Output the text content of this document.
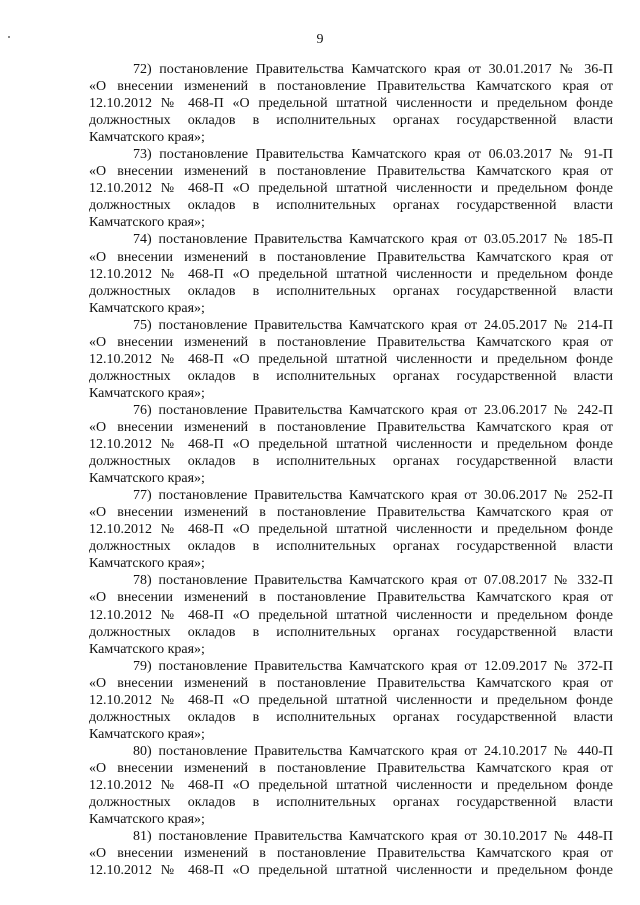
9
72) постановление Правительства Камчатского края от 30.01.2017 № 36-П
«О внесении изменений в постановление Правительства Камчатского края от
12.10.2012 № 468-П «О предельной штатной численности и предельном фонде
должностных окладов в исполнительных органах государственной власти
Камчатского края»;
73) постановление Правительства Камчатского края от 06.03.2017 № 91-П
«О внесении изменений в постановление Правительства Камчатского края от
12.10.2012 № 468-П «О предельной штатной численности и предельном фонде
должностных окладов в исполнительных органах государственной власти
Камчатского края»;
74) постановление Правительства Камчатского края от 03.05.2017 № 185-П
«О внесении изменений в постановление Правительства Камчатского края от
12.10.2012 № 468-П «О предельной штатной численности и предельном фонде
должностных окладов в исполнительных органах государственной власти
Камчатского края»;
75) постановление Правительства Камчатского края от 24.05.2017 № 214-П
«О внесении изменений в постановление Правительства Камчатского края от
12.10.2012 № 468-П «О предельной штатной численности и предельном фонде
должностных окладов в исполнительных органах государственной власти
Камчатского края»;
76) постановление Правительства Камчатского края от 23.06.2017 № 242-П
«О внесении изменений в постановление Правительства Камчатского края от
12.10.2012 № 468-П «О предельной штатной численности и предельном фонде
должностных окладов в исполнительных органах государственной власти
Камчатского края»;
77) постановление Правительства Камчатского края от 30.06.2017 № 252-П
«О внесении изменений в постановление Правительства Камчатского края от
12.10.2012 № 468-П «О предельной штатной численности и предельном фонде
должностных окладов в исполнительных органах государственной власти
Камчатского края»;
78) постановление Правительства Камчатского края от 07.08.2017 № 332-П
«О внесении изменений в постановление Правительства Камчатского края от
12.10.2012 № 468-П «О предельной штатной численности и предельном фонде
должностных окладов в исполнительных органах государственной власти
Камчатского края»;
79) постановление Правительства Камчатского края от 12.09.2017 № 372-П
«О внесении изменений в постановление Правительства Камчатского края от
12.10.2012 № 468-П «О предельной штатной численности и предельном фонде
должностных окладов в исполнительных органах государственной власти
Камчатского края»;
80) постановление Правительства Камчатского края от 24.10.2017 № 440-П
«О внесении изменений в постановление Правительства Камчатского края от
12.10.2012 № 468-П «О предельной штатной численности и предельном фонде
должностных окладов в исполнительных органах государственной власти
Камчатского края»;
81) постановление Правительства Камчатского края от 30.10.2017 № 448-П
«О внесении изменений в постановление Правительства Камчатского края от
12.10.2012 № 468-П «О предельной штатной численности и предельном фонде
